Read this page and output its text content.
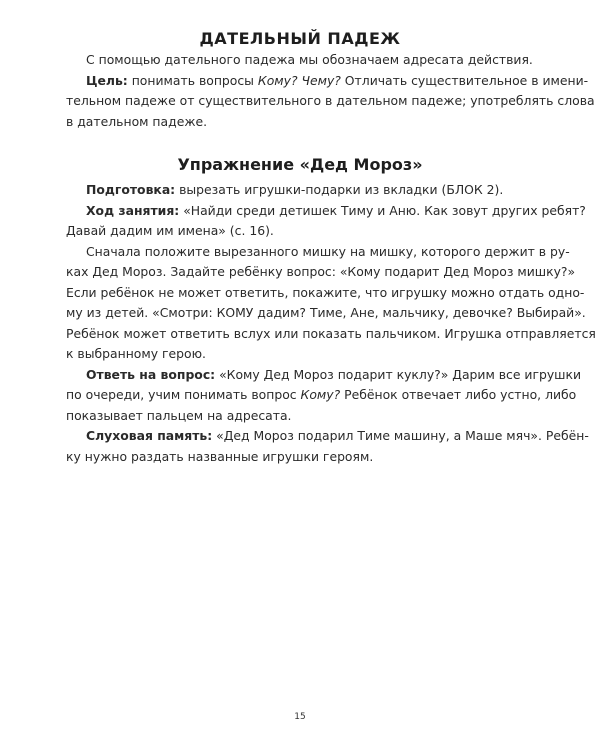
ДАТЕЛЬНЫЙ ПАДЕЖ
С помощью дательного падежа мы обозначаем адресата действия.
Цель: понимать вопросы Кому? Чему? Отличать существительное в имени-
тельном падеже от существительного в дательном падеже; употреблять слова
в дательном падеже.
Упражнение «Дед Мороз»
Подготовка: вырезать игрушки-подарки из вкладки (БЛОК 2).
Ход занятия: «Найди среди детишек Тиму и Аню. Как зовут других ребят?
Давай дадим им имена» (с. 16).
Сначала положите вырезанного мишку на мишку, которого держит в ру-
ках Дед Мороз. Задайте ребёнку вопрос: «Кому подарит Дед Мороз мишку?»
Если ребёнок не может ответить, покажите, что игрушку можно отдать одно-
му из детей. «Смотри: КОМУ дадим? Тиме, Ане, мальчику, девочке? Выбирай».
Ребёнок может ответить вслух или показать пальчиком. Игрушка отправляется
к выбранному герою.
Ответь на вопрос: «Кому Дед Мороз подарит куклу?» Дарим все игрушки
по очереди, учим понимать вопрос Кому? Ребёнок отвечает либо устно, либо
показывает пальцем на адресата.
Слуховая память: «Дед Мороз подарил Тиме машину, а Маше мяч». Ребён-
ку нужно раздать названные игрушки героям.
15
